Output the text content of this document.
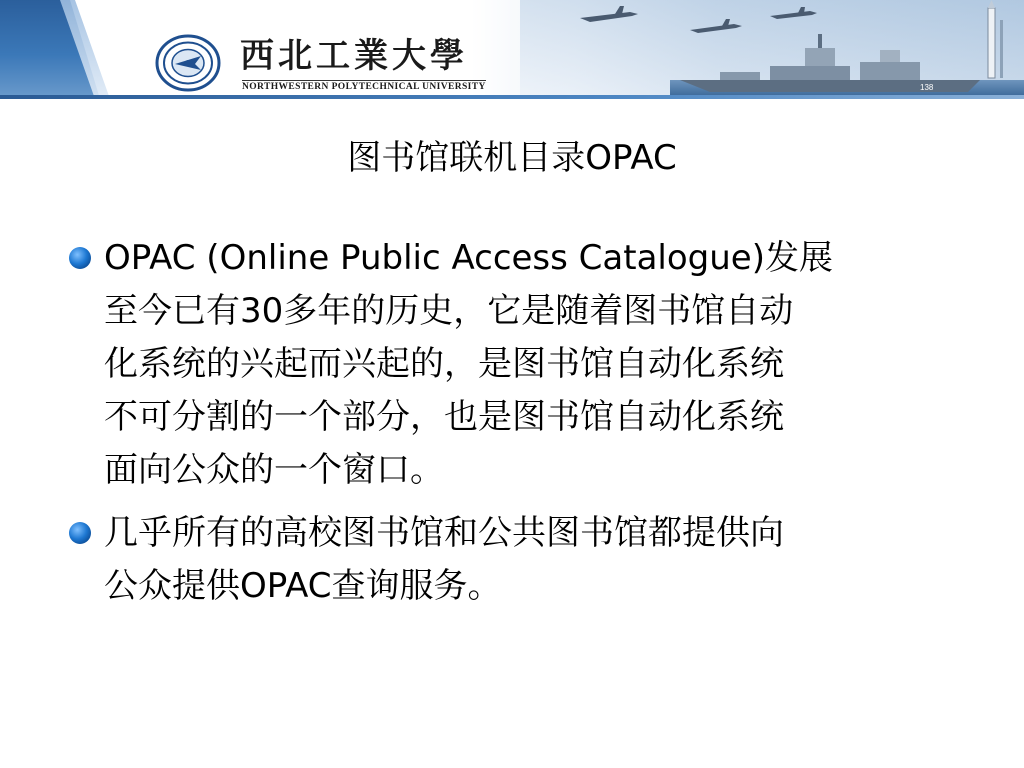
西北工業大學
NORTHWESTERN POLYTECHNICAL UNIVERSITY	138
图书馆联机目录OPAC
OPAC (Online Public Access Catalogue)发展
至今已有30多年的历史，它是随着图书馆自动
化系统的兴起而兴起的，是图书馆自动化系统
不可分割的一个部分，也是图书馆自动化系统
面向公众的一个窗口。
几乎所有的高校图书馆和公共图书馆都提供向
公众提供OPAC查询服务。
